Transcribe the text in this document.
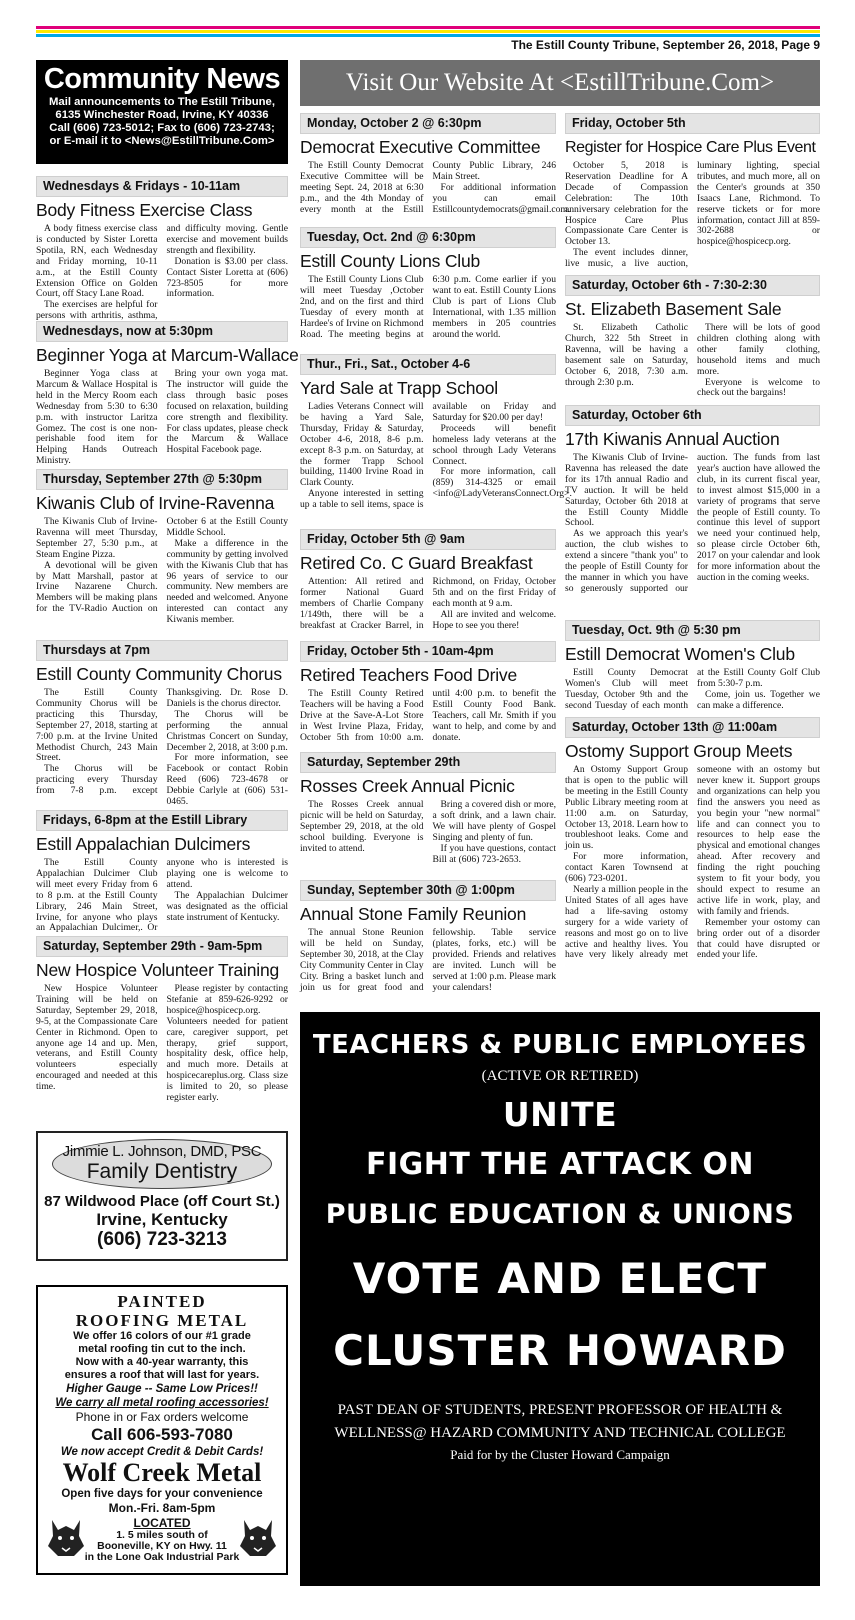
The Estill County Tribune, September 26, 2018, Page 9
Community News
Mail announcements to The Estill Tribune,
6135 Winchester Road, Irvine, KY 40336
Call (606) 723-5012; Fax to (606) 723-2743;
or E-mail it to <News@EstillTribune.Com>
Visit Our Website At <EstillTribune.Com>
Wednesdays & Fridays - 10-11am
Body Fitness Exercise Class

A body fitness exercise class is conducted by Sister Loretta Spotila, RN, each Wednesday and Friday morning, 10-11 a.m., at the Estill County Extension Office on Golden Court, off Stacy Lane Road.

The exercises are helpful for persons with arthritis, asthma, and difficulty moving. Gentle exercise and movement builds strength and flexibility.

Donation is $3.00 per class. Contact Sister Loretta at (606) 723-8505 for more information.

Wednesdays, now at 5:30pm
Beginner Yoga at Marcum-Wallace

Beginner Yoga class at Marcum & Wallace Hospital is held in the Mercy Room each Wednesday from 5:30 to 6:30 p.m. with instructor Laritza Gomez. The cost is one non-perishable food item for Helping Hands Outreach Ministry.

Bring your own yoga mat. The instructor will guide the class through basic poses focused on relaxation, building core strength and flexibility. For class updates, please check the Marcum & Wallace Hospital Facebook page.

Thursday, September 27th @ 5:30pm
Kiwanis Club of Irvine-Ravenna

The Kiwanis Club of Irvine-Ravenna will meet Thursday, September 27, 5:30 p.m., at Steam Engine Pizza.

A devotional will be given by Matt Marshall, pastor at Irvine Nazarene Church. Members will be making plans for the TV-Radio Auction on October 6 at the Estill County Middle School.

Make a difference in the community by getting involved with the Kiwanis Club that has 96 years of service to our community. New members are needed and welcomed. Anyone interested can contact any Kiwanis member.

Thursdays at 7pm
Estill County Community Chorus

The Estill County Community Chorus will be practicing this Thursday, September 27, 2018, starting at 7:00 p.m. at the Irvine United Methodist Church, 243 Main Street.

The Chorus will be practicing every Thursday from 7-8 p.m. except Thanksgiving. Dr. Rose D. Daniels is the chorus director.

The Chorus will be performing the annual Christmas Concert on Sunday, December 2, 2018, at 3:00 p.m.

For more information, see Facebook or contact Robin Reed (606) 723-4678 or Debbie Carlyle at (606) 531-0465.

Fridays, 6-8pm at the Estill Library
Estill Appalachian Dulcimers

The Estill County Appalachian Dulcimer Club will meet every Friday from 6 to 8 p.m. at the Estill County Library, 246 Main Street, Irvine, for anyone who plays an Appalachian Dulcimer,. Or anyone who is interested is playing one is welcome to attend.

The Appalachian Dulcimer was designated as the official state instrument of Kentucky.

Saturday, September 29th - 9am-5pm
New Hospice Volunteer Training

New Hospice Volunteer Training will be held on Saturday, September 29, 2018, 9-5, at the Compassionate Care Center in Richmond. Open to anyone age 14 and up. Men, veterans, and Estill County volunteers especially encouraged and needed at this time.

Please register by contacting Stefanie at 859-626-9292 or hospice@hospicecp.org. Volunteers needed for patient care, caregiver support, pet therapy, grief support, hospitality desk, office help, and much more. Details at hospicecareplus.org. Class size is limited to 20, so please register early.

Jimmie L. Johnson, DMD, PSC
Family Dentistry
87 Wildwood Place (off Court St.)
Irvine, Kentucky
(606) 723-3213
PAINTED
ROOFING METAL
We offer 16 colors of our #1 grade
metal roofing tin cut to the inch.
Now with a 40-year warranty, this
ensures a roof that will last for years.
Higher Gauge -- Same Low Prices!!
We carry all metal roofing accessories!
Phone in or Fax orders welcome
Call 606-593-7080
We now accept Credit & Debit Cards!
Wolf Creek Metal
Open five days for your convenience
Mon.-Fri. 8am-5pm
LOCATED
1. 5 miles south of
Booneville, KY on Hwy. 11
in the Lone Oak Industrial Park
Monday, October 2 @ 6:30pm
Democrat Executive Committee

The Estill County Democrat Executive Committee will be meeting Sept. 24, 2018 at 6:30 p.m., and the 4th Monday of every month at the Estill County Public Library, 246 Main Street.

For additional information you can email Estillcountydemocrats@gmail.com.

Tuesday, Oct. 2nd @ 6:30pm
Estill County Lions Club

The Estill County Lions Club will meet Tuesday ,October 2nd, and on the first and third Tuesday of every month at Hardee's of Irvine on Richmond Road. The meeting begins at 6:30 p.m. Come earlier if you want to eat. Estill County Lions Club is part of Lions Club International, with 1.35 million members in 205 countries around the world.

Thur., Fri., Sat., October 4-6
Yard Sale at Trapp School

Ladies Veterans Connect will be having a Yard Sale, Thursday, Friday & Saturday, October 4-6, 2018, 8-6 p.m. except 8-3 p.m. on Saturday, at the former Trapp School building, 11400 Irvine Road in Clark County.

Anyone interested in setting up a table to sell items, space is available on Friday and Saturday for $20.00 per day!

Proceeds will benefit homeless lady veterans at the school through Lady Veterans Connect.

For more information, call (859) 314-4325 or email <info@LadyVeteransConnect.Org>.

Friday, October 5th @ 9am
Retired Co. C Guard Breakfast

Attention: All retired and former National Guard members of Charlie Company 1/149th, there will be a breakfast at Cracker Barrel, in Richmond, on Friday, October 5th and on the first Friday of each month at 9 a.m.

All are invited and welcome. Hope to see you there!

Friday, October 5th - 10am-4pm
Retired Teachers Food Drive

The Estill County Retired Teachers will be having a Food Drive at the Save-A-Lot Store in West Irvine Plaza, Friday, October 5th from 10:00 a.m. until 4:00 p.m. to benefit the Estill County Food Bank. Teachers, call Mr. Smith if you want to help, and come by and donate.

Saturday, September 29th
Rosses Creek Annual Picnic

The Rosses Creek annual picnic will be held on Saturday, September 29, 2018, at the old school building. Everyone is invited to attend.

Bring a covered dish or more, a soft drink, and a lawn chair. We will have plenty of Gospel Singing and plenty of fun.

If you have questions, contact Bill at (606) 723-2653.

Sunday, September 30th @ 1:00pm
Annual Stone Family Reunion

The annual Stone Reunion will be held on Sunday, September 30, 2018, at the Clay City Community Center in Clay City. Bring a basket lunch and join us for great food and fellowship. Table service (plates, forks, etc.) will be provided. Friends and relatives are invited. Lunch will be served at 1:00 p.m. Please mark your calendars!

Friday, October 5th
Register for Hospice Care Plus Event

October 5, 2018 is Reservation Deadline for A Decade of Compassion Celebration: The 10th anniversary celebration for the Hospice Care Plus Compassionate Care Center is October 13.

The event includes dinner, live music, a live auction, luminary lighting, special tributes, and much more, all on the Center's grounds at 350 Isaacs Lane, Richmond. To reserve tickets or for more information, contact Jill at 859-302-2688 or hospice@hospicecp.org.

Saturday, October 6th - 7:30-2:30
St. Elizabeth Basement Sale

St. Elizabeth Catholic Church, 322 5th Street in Ravenna, will be having a basement sale on Saturday, October 6, 2018, 7:30 a.m. through 2:30 p.m.

There will be lots of good children clothing along with other family clothing, household items and much more.

Everyone is welcome to check out the bargains!

Saturday, October 6th
17th Kiwanis Annual Auction

The Kiwanis Club of Irvine-Ravenna has released the date for its 17th annual Radio and TV auction. It will be held Saturday, October 6th 2018 at the Estill County Middle School.

As we approach this year's auction, the club wishes to extend a sincere "thank you" to the people of Estill County for the manner in which you have so generously supported our auction. The funds from last year's auction have allowed the club, in its current fiscal year, to invest almost $15,000 in a variety of programs that serve the people of Estill county. To continue this level of support we need your continued help, so please circle October 6th, 2017 on your calendar and look for more information about the auction in the coming weeks.

Tuesday, Oct. 9th @ 5:30 pm
Estill Democrat Women's Club

Estill County Democrat Women's Club will meet Tuesday, October 9th and the second Tuesday of each month at the Estill County Golf Club from 5:30-7 p.m.

Come, join us. Together we can make a difference.

Saturday, October 13th @ 11:00am
Ostomy Support Group Meets

An Ostomy Support Group that is open to the public will be meeting in the Estill County Public Library meeting room at 11:00 a.m. on Saturday, October 13, 2018. Learn how to troubleshoot leaks. Come and join us.

For more information, contact Karen Townsend at (606) 723-0201.

Nearly a million people in the United States of all ages have had a life-saving ostomy surgery for a wide variety of reasons and most go on to live active and healthy lives. You have very likely already met someone with an ostomy but never knew it. Support groups and organizations can help you find the answers you need as you begin your "new normal" life and can connect you to resources to help ease the physical and emotional changes ahead. After recovery and finding the right pouching system to fit your body, you should expect to resume an active life in work, play, and with family and friends.

Remember your ostomy can bring order out of a disorder that could have disrupted or ended your life.

TEACHERS & PUBLIC EMPLOYEES
(ACTIVE OR RETIRED)
UNITE
FIGHT THE ATTACK ON
PUBLIC EDUCATION & UNIONS
VOTE AND ELECT
CLUSTER HOWARD
PAST DEAN OF STUDENTS, PRESENT PROFESSOR OF HEALTH &
WELLNESS@ HAZARD COMMUNITY AND TECHNICAL COLLEGE
Paid for by the Cluster Howard Campaign
